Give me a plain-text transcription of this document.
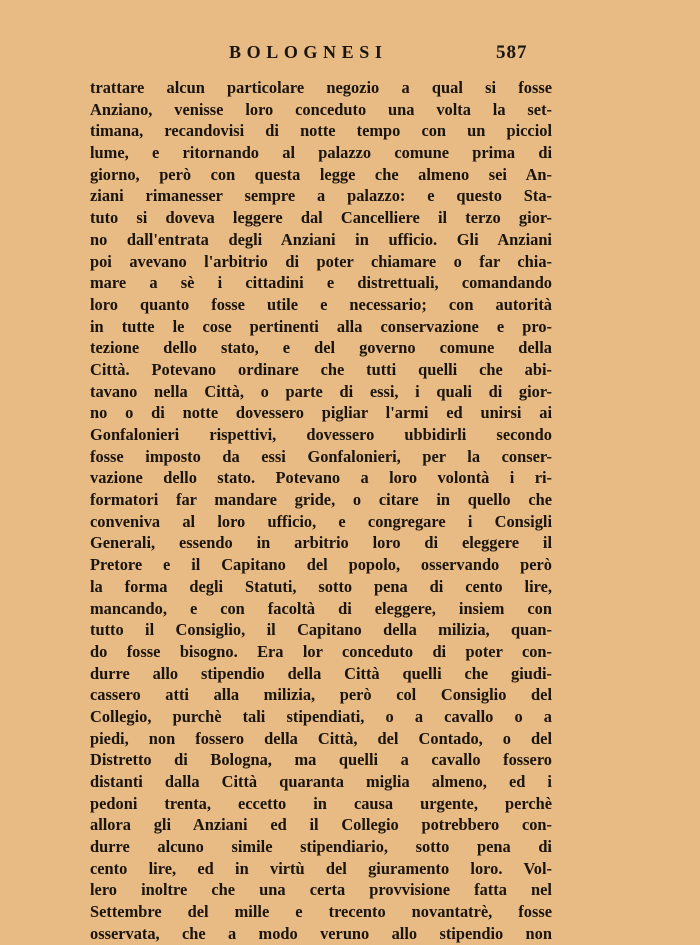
BOLOGNESI	587
trattare alcun particolare negozio a qual si fosse
Anziano, venisse loro conceduto una volta la set-
timana, recandovisi di notte tempo con un picciol
lume, e ritornando al palazzo comune prima di
giorno, però con questa legge che almeno sei An-
ziani rimanesser sempre a palazzo: e questo Sta-
tuto si doveva leggere dal Cancelliere il terzo gior-
no dall'entrata degli Anziani in ufficio. Gli Anziani
poi avevano l'arbitrio di poter chiamare o far chia-
mare a sè i cittadini e distrettuali, comandando
loro quanto fosse utile e necessario; con autorità
in tutte le cose pertinenti alla conservazione e pro-
tezione dello stato, e del governo comune della
Città. Potevano ordinare che tutti quelli che abi-
tavano nella Città, o parte di essi, i quali di gior-
no o di notte dovessero pigliar l'armi ed unirsi ai
Gonfalonieri rispettivi, dovessero ubbidirli secondo
fosse imposto da essi Gonfalonieri, per la conser-
vazione dello stato. Potevano a loro volontà i ri-
formatori far mandare gride, o citare in quello che
conveniva al loro ufficio, e congregare i Consigli
Generali, essendo in arbitrio loro di eleggere il
Pretore e il Capitano del popolo, osservando però
la forma degli Statuti, sotto pena di cento lire,
mancando, e con facoltà di eleggere, insiem con
tutto il Consiglio, il Capitano della milizia, quan-
do fosse bisogno. Era lor conceduto di poter con-
durre allo stipendio della Città quelli che giudi-
cassero atti alla milizia, però col Consiglio del
Collegio, purchè tali stipendiati, o a cavallo o a
piedi, non fossero della Città, del Contado, o del
Distretto di Bologna, ma quelli a cavallo fossero
distanti dalla Città quaranta miglia almeno, ed i
pedoni trenta, eccetto in causa urgente, perchè
allora gli Anziani ed il Collegio potrebbero con-
durre alcuno simile stipendiario, sotto pena di
cento lire, ed in virtù del giuramento loro. Vol-
lero inoltre che una certa provvisione fatta nel
Settembre del mille e trecento novantatrè, fosse
osservata, che a modo veruno allo stipendio non
